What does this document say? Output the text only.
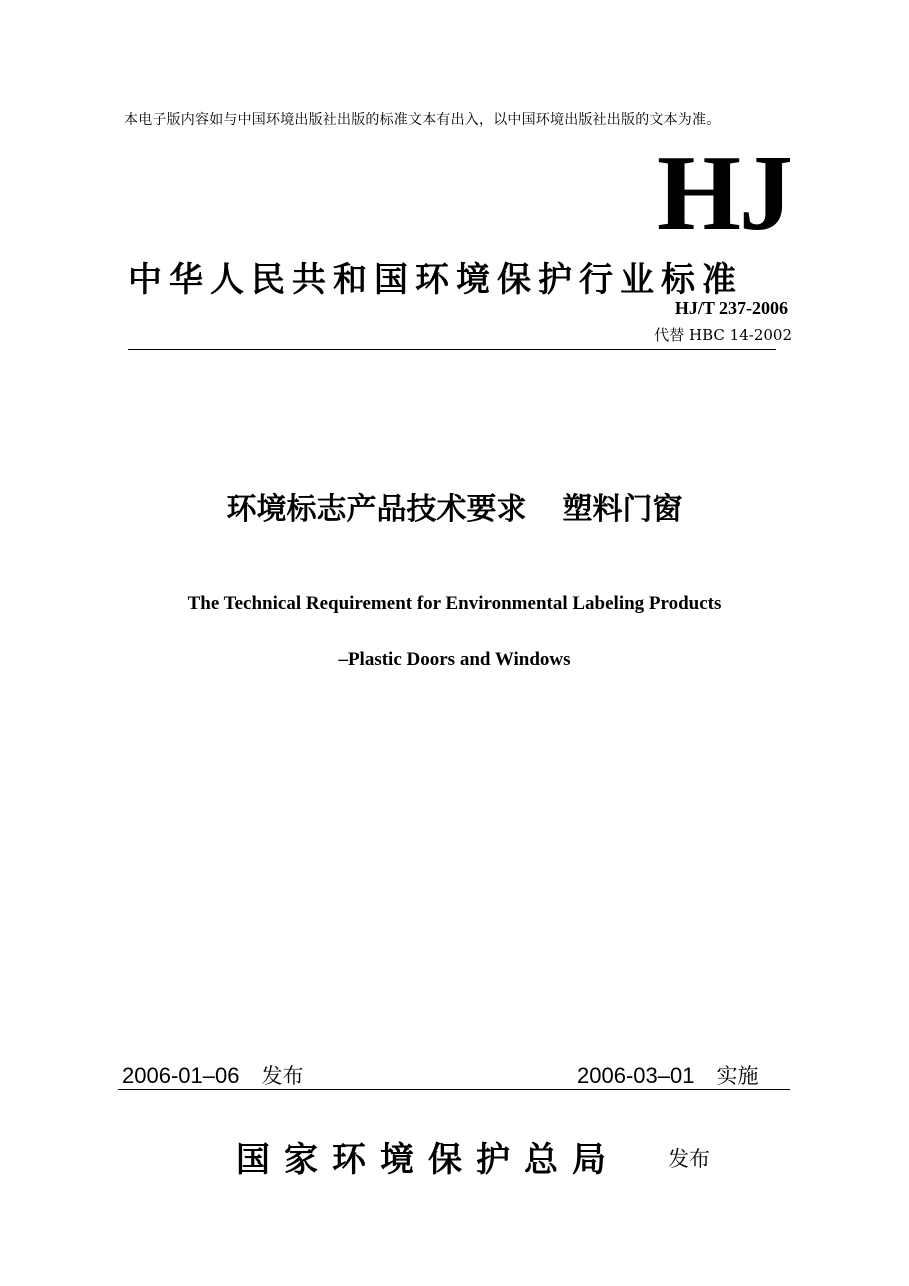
本电子版内容如与中国环境出版社出版的标准文本有出入，以中国环境出版社出版的文本为准。
HJ
中华人民共和国环境保护行业标准
HJ/T 237-2006
代替 HBC 14-2002
环境标志产品技术要求 塑料门窗
The Technical Requirement for Environmental Labeling Products
–Plastic Doors and Windows
2006-01–06 发布	2006-03–01 实施
国家环境保护总局 发布
